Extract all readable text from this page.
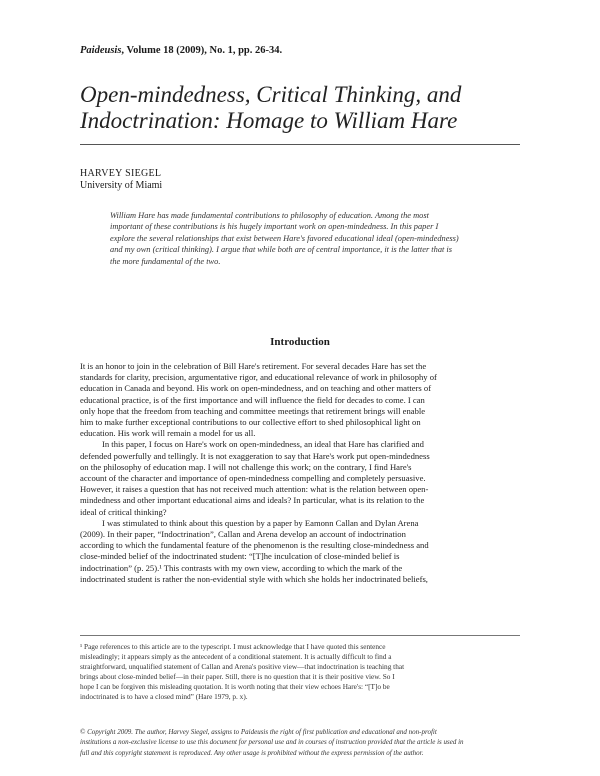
Paideusis, Volume 18 (2009), No. 1, pp. 26-34.
Open-mindedness, Critical Thinking, and
Indoctrination: Homage to William Hare
HARVEY SIEGEL
University of Miami
William Hare has made fundamental contributions to philosophy of education. Among the most
important of these contributions is his hugely important work on open-mindedness. In this paper I
explore the several relationships that exist between Hare's favored educational ideal (open-mindedness)
and my own (critical thinking). I argue that while both are of central importance, it is the latter that is
the more fundamental of the two.
Introduction
It is an honor to join in the celebration of Bill Hare's retirement. For several decades Hare has set the
standards for clarity, precision, argumentative rigor, and educational relevance of work in philosophy of
education in Canada and beyond. His work on open-mindedness, and on teaching and other matters of
educational practice, is of the first importance and will influence the field for decades to come. I can
only hope that the freedom from teaching and committee meetings that retirement brings will enable
him to make further exceptional contributions to our collective effort to shed philosophical light on
education. His work will remain a model for us all.
In this paper, I focus on Hare's work on open-mindedness, an ideal that Hare has clarified and
defended powerfully and tellingly. It is not exaggeration to say that Hare's work put open-mindedness
on the philosophy of education map. I will not challenge this work; on the contrary, I find Hare's
account of the character and importance of open-mindedness compelling and completely persuasive.
However, it raises a question that has not received much attention: what is the relation between open-
mindedness and other important educational aims and ideals? In particular, what is its relation to the
ideal of critical thinking?
I was stimulated to think about this question by a paper by Eamonn Callan and Dylan Arena
(2009). In their paper, “Indoctrination”, Callan and Arena develop an account of indoctrination
according to which the fundamental feature of the phenomenon is the resulting close-mindedness and
close-minded belief of the indoctrinated student: “[T]he inculcation of close-minded belief is
indoctrination” (p. 25).¹ This contrasts with my own view, according to which the mark of the
indoctrinated student is rather the non-evidential style with which she holds her indoctrinated beliefs,
¹ Page references to this article are to the typescript. I must acknowledge that I have quoted this sentence
misleadingly; it appears simply as the antecedent of a conditional statement. It is actually difficult to find a
straightforward, unqualified statement of Callan and Arena's positive view—that indoctrination is teaching that
brings about close-minded belief—in their paper. Still, there is no question that it is their positive view. So I
hope I can be forgiven this misleading quotation. It is worth noting that their view echoes Hare's: “[T]o be
indoctrinated is to have a closed mind” (Hare 1979, p. x).
© Copyright 2009. The author, Harvey Siegel, assigns to Paideusis the right of first publication and educational and non-profit
institutions a non-exclusive license to use this document for personal use and in courses of instruction provided that the article is used in
full and this copyright statement is reproduced. Any other usage is prohibited without the express permission of the author.
